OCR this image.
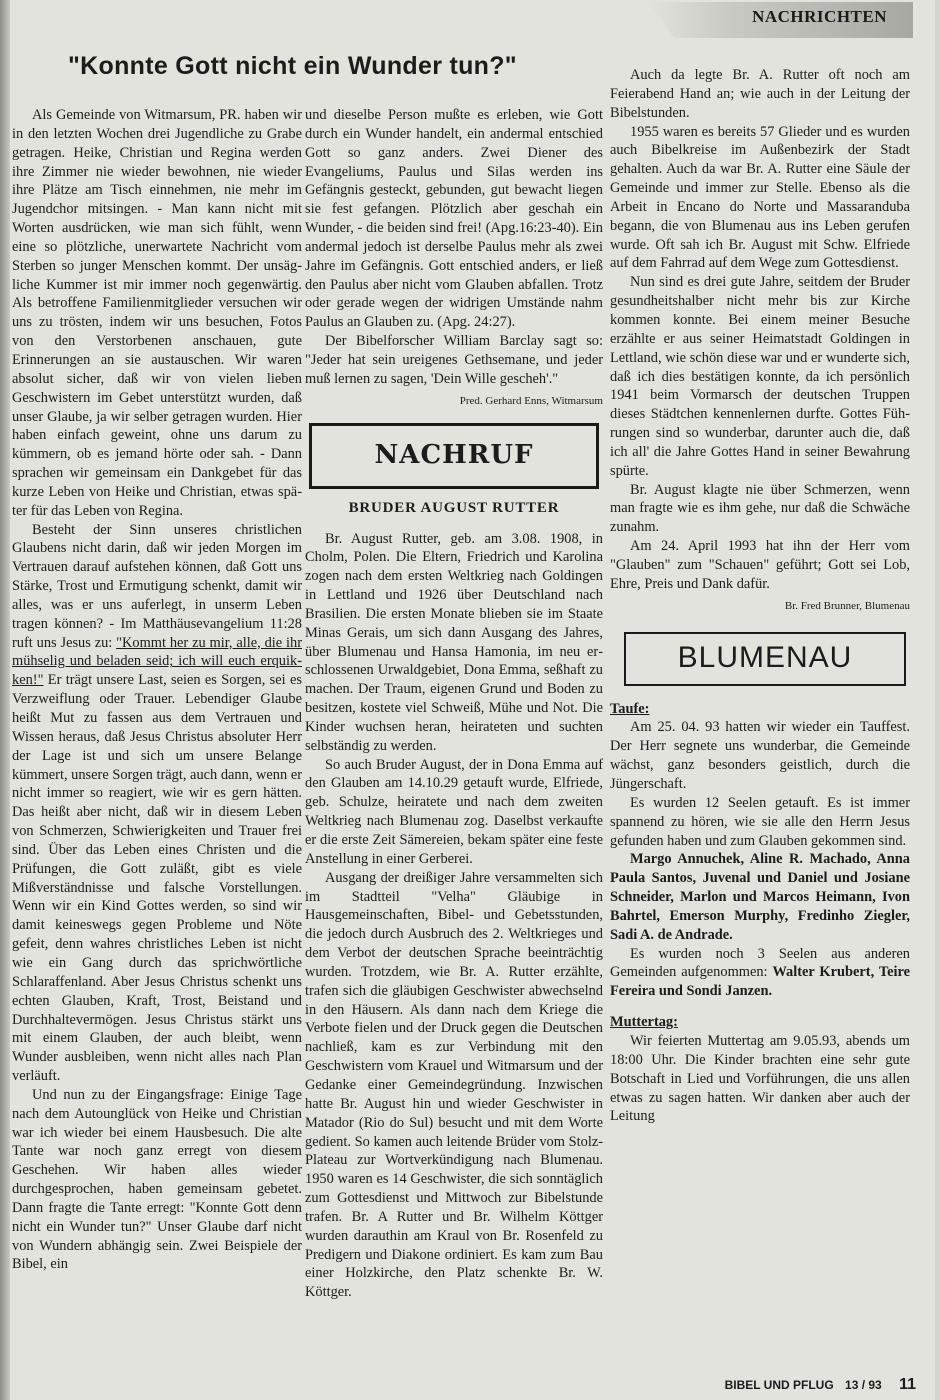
NACHRICHTEN
"Konnte Gott nicht ein Wunder tun?"

Als Gemeinde von Witmarsum, PR. haben wir in den letzten Wochen drei Jugendliche zu Grabe getragen. Heike, Christian und Regina werden ihre Zimmer nie wieder bewohnen, nie wieder ihre Plätze am Tisch einnehmen, nie mehr im Jugendchor mitsingen. - Man kann nicht mit Worten ausdrücken, wie man sich fühlt, wenn eine so plötzliche, unerwartete Nachricht vom Sterben so junger Menschen kommt. Der unsägliche Kummer ist mir immer noch gegenwärtig. Als betroffene Familienmitglieder versuchen wir uns zu trösten, indem wir uns besuchen, Fotos von den Verstorbenen anschauen, gute Erinnerungen an sie austauschen. Wir waren absolut sicher, daß wir von vielen lieben Geschwistern im Gebet unterstützt wurden, daß unser Glaube, ja wir selber getragen wurden. Hier haben einfach geweint, ohne uns darum zu kümmern, ob es jemand hörte oder sah. - Dann sprachen wir gemeinsam ein Dankgebet für das kurze Leben von Heike und Christian, etwas später für das Leben von Regina.

Besteht der Sinn unseres christlichen Glaubens nicht darin, daß wir jeden Morgen im Vertrauen darauf aufstehen können, daß Gott uns Stärke, Trost und Ermutigung schenkt, damit wir alles, was er uns auferlegt, in unserm Leben tragen können? - Im Matthäusevangelium 11:28 ruft uns Jesus zu: "Kommt her zu mir, alle, die ihr mühselig und beladen seid; ich will euch erquikken!" Er trägt unsere Last, seien es Sorgen, sei es Verzweiflung oder Trauer. Lebendiger Glaube heißt Mut zu fassen aus dem Vertrauen und Wissen heraus, daß Jesus Christus absoluter Herr der Lage ist und sich um unsere Belange kümmert, unsere Sorgen trägt, auch dann, wenn er nicht immer so reagiert, wie wir es gern hätten. Das heißt aber nicht, daß wir in diesem Leben von Schmerzen, Schwierigkeiten und Trauer frei sind. Über das Leben eines Christen und die Prüfungen, die Gott zuläßt, gibt es viele Mißverständnisse und falsche Vorstellungen. Wenn wir ein Kind Gottes werden, so sind wir damit keineswegs gegen Probleme und Nöte gefeit, denn wahres christliches Leben ist nicht wie ein Gang durch das sprichwörtliche Schlaraffenland. Aber Jesus Christus schenkt uns echten Glauben, Kraft, Trost, Beistand und Durchhaltevermögen. Jesus Christus stärkt uns mit einem Glauben, der auch bleibt, wenn Wunder ausbleiben, wenn nicht alles nach Plan verläuft.

Und nun zu der Eingangsfrage: Einige Tage nach dem Autounglück von Heike und Christian war ich wieder bei einem Hausbesuch. Die alte Tante war noch ganz erregt von diesem Geschehen. Wir haben alles wieder durchgesprochen, haben gemeinsam gebetet. Dann fragte die Tante erregt: "Konnte Gott denn nicht ein Wunder tun?" Unser Glaube darf nicht von Wundern abhängig sein. Zwei Beispiele der Bibel, ein

und dieselbe Person mußte es erleben, wie Gott durch ein Wunder handelt, ein andermal entschied Gott so ganz anders. Zwei Diener des Evangeliums, Paulus und Silas werden ins Gefängnis gesteckt, gebunden, gut bewacht liegen sie fest gefangen. Plötzlich aber geschah ein Wunder, - die beiden sind frei! (Apg.16:23-40). Ein andermal jedoch ist derselbe Paulus mehr als zwei Jahre im Gefängnis. Gott entschied anders, er ließ den Paulus aber nicht vom Glauben abfallen. Trotz oder gerade wegen der widrigen Umstände nahm Paulus an Glauben zu. (Apg. 24:27).

Der Bibelforscher William Barclay sagt so: "Jeder hat sein ureigenes Gethsemane, und jeder muß lernen zu sagen, 'Dein Wille gescheh'."

Pred. Gerhard Enns, Witmarsum
NACHRUF
BRUDER AUGUST RUTTER

Br. August Rutter, geb. am 3.08. 1908, in Cholm, Polen. Die Eltern, Friedrich und Karolina zogen nach dem ersten Weltkrieg nach Goldingen in Lettland und 1926 über Deutschland nach Brasilien. Die ersten Monate blieben sie im Staate Minas Gerais, um sich dann Ausgang des Jahres, über Blumenau und Hansa Hamonia, im neu erschlossenen Urwaldgebiet, Dona Emma, seßhaft zu machen. Der Traum, eigenen Grund und Boden zu besitzen, kostete viel Schweiß, Mühe und Not. Die Kinder wuchsen heran, heirateten und suchten selbständig zu werden.

So auch Bruder August, der in Dona Emma auf den Glauben am 14.10.29 getauft wurde, Elfriede, geb. Schulze, heiratete und nach dem zweiten Weltkrieg nach Blumenau zog. Daselbst verkaufte er die erste Zeit Sämereien, bekam später eine feste Anstellung in einer Gerberei.

Ausgang der dreißiger Jahre versammelten sich im Stadtteil "Velha" Gläubige in Hausgemeinschaften, Bibel- und Gebetsstunden, die jedoch durch Ausbruch des 2. Weltkrieges und dem Verbot der deutschen Sprache beeinträchtig wurden. Trotzdem, wie Br. A. Rutter erzählte, trafen sich die gläubigen Geschwister abwechselnd in den Häusern. Als dann nach dem Kriege die Verbote fielen und der Druck gegen die Deutschen nachließ, kam es zur Verbindung mit den Geschwistern vom Krauel und Witmarsum und der Gedanke einer Gemeindegründung. Inzwischen hatte Br. August hin und wieder Geschwister in Matador (Rio do Sul) besucht und mit dem Worte gedient. So kamen auch leitende Brüder vom Stolz-Plateau zur Wortverkündigung nach Blumenau. 1950 waren es 14 Geschwister, die sich sonntäglich zum Gottesdienst und Mittwoch zur Bibelstunde trafen. Br. A Rutter und Br. Wilhelm Köttger wurden darauthin am Kraul von Br. Rosenfeld zu Predigern und Diakone ordiniert. Es kam zum Bau einer Holzkirche, den Platz schenkte Br. W. Köttger.

Auch da legte Br. A. Rutter oft noch am Feierabend Hand an; wie auch in der Leitung der Bibelstunden.

1955 waren es bereits 57 Glieder und es wurden auch Bibelkreise im Außenbezirk der Stadt gehalten. Auch da war Br. A. Rutter eine Säule der Gemeinde und immer zur Stelle. Ebenso als die Arbeit in Encano do Norte und Massaranduba begann, die von Blumenau aus ins Leben gerufen wurde. Oft sah ich Br. August mit Schw. Elfriede auf dem Fahrrad auf dem Wege zum Gottesdienst.

Nun sind es drei gute Jahre, seitdem der Bruder gesundheitshalber nicht mehr bis zur Kirche kommen konnte. Bei einem meiner Besuche erzählte er aus seiner Heimatstadt Goldingen in Lettland, wie schön diese war und er wunderte sich, daß ich dies bestätigen konnte, da ich persönlich 1941 beim Vormarsch der deutschen Truppen dieses Städtchen kennenlernen durfte. Gottes Führungen sind so wunderbar, darunter auch die, daß ich all' die Jahre Gottes Hand in seiner Bewahrung spürte.

Br. August klagte nie über Schmerzen, wenn man fragte wie es ihm gehe, nur daß die Schwäche zunahm.

Am 24. April 1993 hat ihn der Herr vom "Glauben" zum "Schauen" geführt; Gott sei Lob, Ehre, Preis und Dank dafür.

Br. Fred Brunner, Blumenau
BLUMENAU
Taufe:

Am 25. 04. 93 hatten wir wieder ein Tauffest. Der Herr segnete uns wunderbar, die Gemeinde wächst, ganz besonders geistlich, durch die Jüngerschaft.

Es wurden 12 Seelen getauft. Es ist immer spannend zu hören, wie sie alle den Herrn Jesus gefunden haben und zum Glauben gekommen sind.

Margo Annuchek, Aline R. Machado, Anna Paula Santos, Juvenal und Daniel und Josiane Schneider, Marlon und Marcos Heimann, Ivon Bahrtel, Emerson Murphy, Fredinho Ziegler, Sadi A. de Andrade.

Es wurden noch 3 Seelen aus anderen Gemeinden aufgenommen: Walter Krubert, Teire Fereira und Sondi Janzen.

Muttertag:

Wir feierten Muttertag am 9.05.93, abends um 18:00 Uhr. Die Kinder brachten eine sehr gute Botschaft in Lied und Vorführungen, die uns allen etwas zu sagen hatten. Wir danken aber auch der Leitung

BIBEL UND PFLUG 13 / 93 11
